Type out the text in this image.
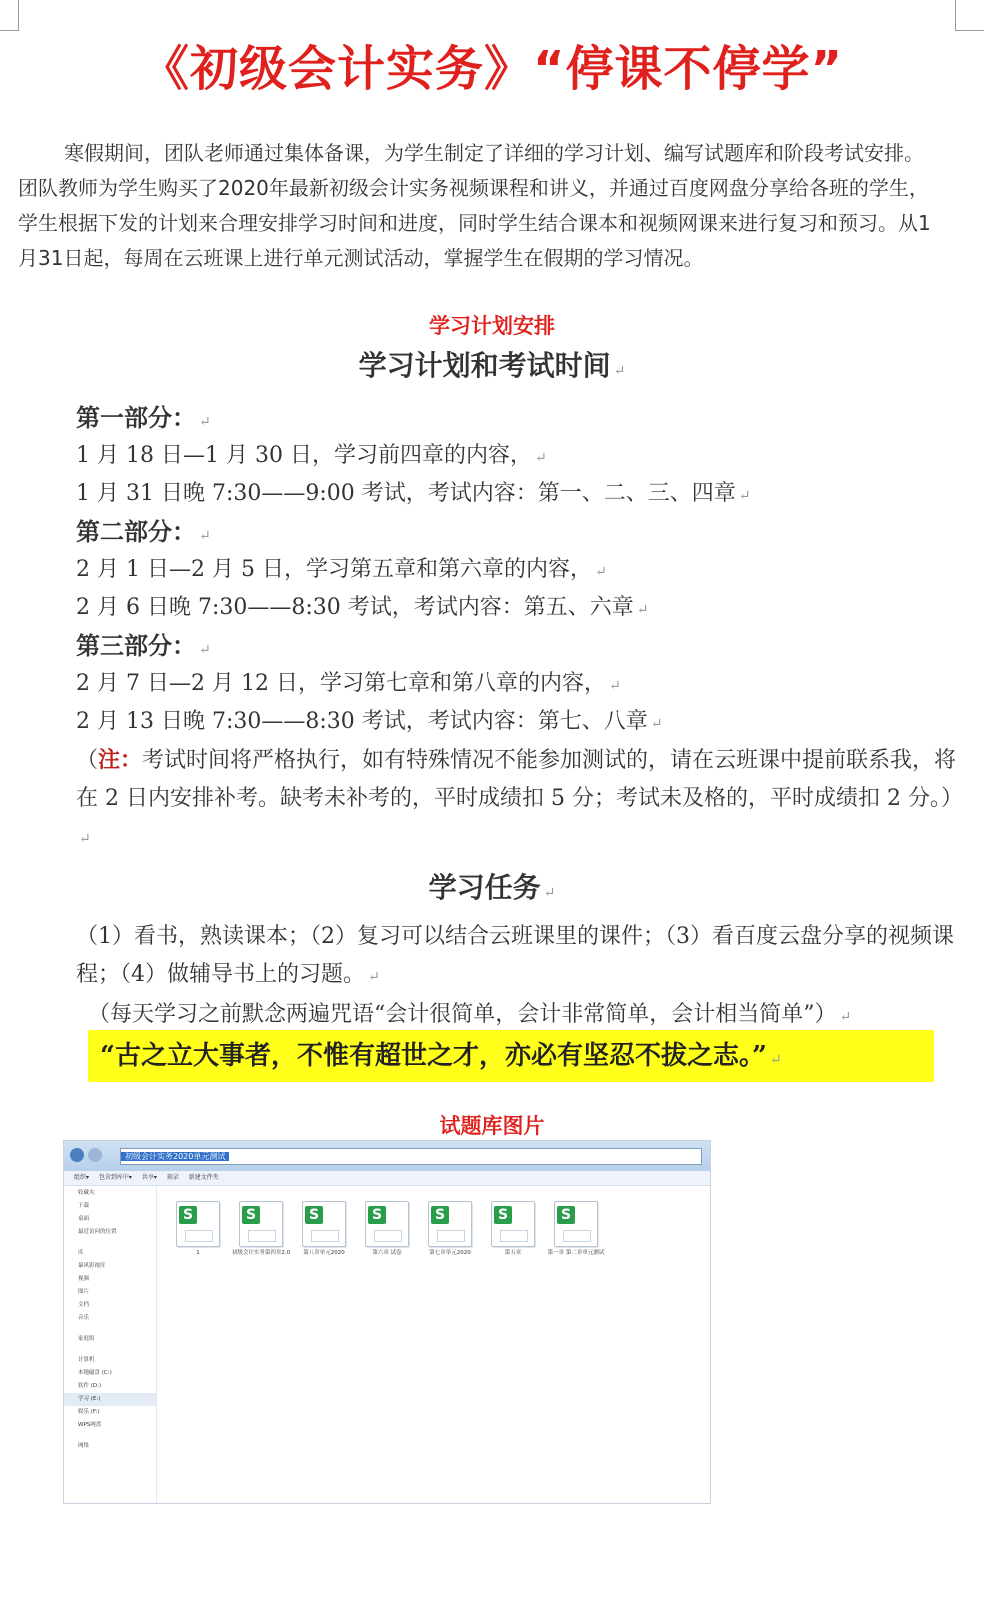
《初级会计实务》“停课不停学”
寒假期间，团队老师通过集体备课，为学生制定了详细的学习计划、编写试题库和阶段考试安排。团队教师为学生购买了2020年最新初级会计实务视频课程和讲义，并通过百度网盘分享给各班的学生，学生根据下发的计划来合理安排学习时间和进度，同时学生结合课本和视频网课来进行复习和预习。从1月31日起，每周在云班课上进行单元测试活动，掌握学生在假期的学习情况。
学习计划安排
学习计划和考试时间 ↵
第一部分： ↵
1 月 18 日—1 月 30 日，学习前四章的内容， ↵
1 月 31 日晚 7:30——9:00 考试，考试内容：第一、二、三、四章 ↵
第二部分： ↵
2 月 1 日—2 月 5 日，学习第五章和第六章的内容， ↵
2 月 6 日晚 7:30——8:30 考试，考试内容：第五、六章 ↵
第三部分： ↵
2 月 7 日—2 月 12 日，学习第七章和第八章的内容， ↵
2 月 13 日晚 7:30——8:30 考试，考试内容：第七、八章 ↵
（注：考试时间将严格执行，如有特殊情况不能参加测试的，请在云班课中提前联系我，将在 2 日内安排补考。缺考未补考的，平时成绩扣 5 分；考试未及格的，平时成绩扣 2 分。）↵
学习任务 ↵
（1）看书，熟读课本；（2）复习可以结合云班课里的课件；（3）看百度云盘分享的视频课程；（4）做辅导书上的习题。 ↵
（每天学习之前默念两遍咒语“会计很简单，会计非常简单，会计相当简单”） ↵
“古之立大事者，不惟有超世之才，亦必有坚忍不拔之志。” ↵
试题库图片
初级会计实务2020单元测试
组织▾ 包含到库中▾ 共享▾ 刻录 新建文件夹
收藏夹
下载
桌面
最近访问的位置
库
暴风影视库
视频
图片
文档
音乐
家庭组
计算机
本地磁盘 (C:)
软件 (D:)
学习 (E:)
娱乐 (F:)
WPS网盘
网络
S
1
S
初级会计实务第四章2.0
S
第八章单元2020
S
第六章 试卷
S
第七章单元2020
S
第五章
S
第一章 第二章单元测试
